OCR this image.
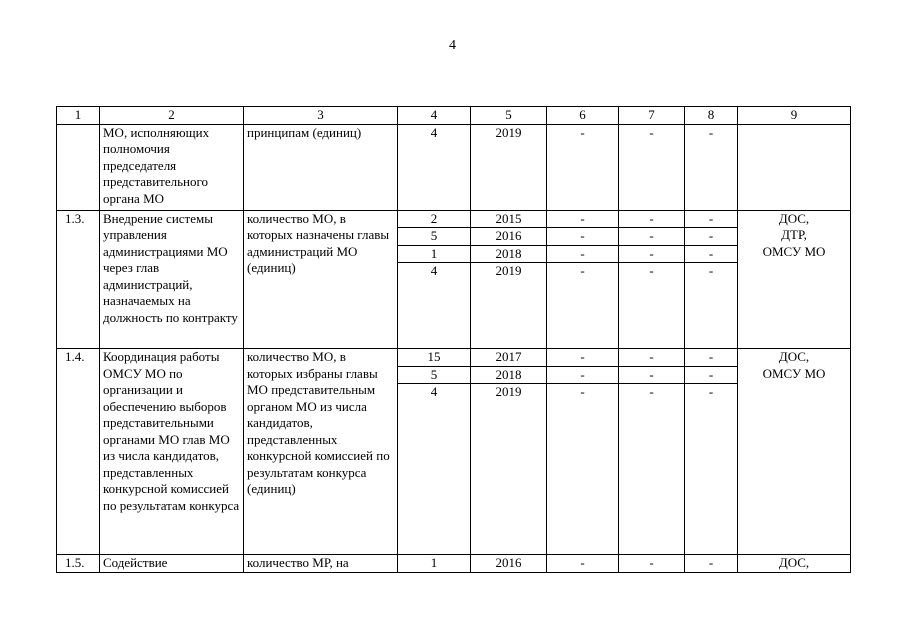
4
1	2	3	4	5	6	7	8	9
	МО, исполняющих полномочия председателя представительного органа МО	принципам (единиц)	4	2019	-	-	-	
1.3.	Внедрение системы управления администрациями МО через глав администраций, назначаемых на должность по контракту	количество МО, в которых назначены главы администраций МО (единиц)	2	2015	-	-	-	ДОС,
ДТР,
ОМСУ МО
			5	2016	-	-	-	
			1	2018	-	-	-	
			4	2019	-	-	-	
1.4.	Координация работы ОМСУ МО по организации и обеспечению выборов представительными органами МО глав МО из числа кандидатов, представленных конкурсной комиссией по результатам конкурса	количество МО, в которых избраны главы МО представительным органом МО из числа кандидатов, представленных конкурсной комиссией по результатам конкурса (единиц)	15	2017	-	-	-	ДОС,
ОМСУ МО
			5	2018	-	-	-	
			4	2019	-	-	-	
1.5.	Содействие	количество МР, на	1	2016	-	-	-	ДОС,
